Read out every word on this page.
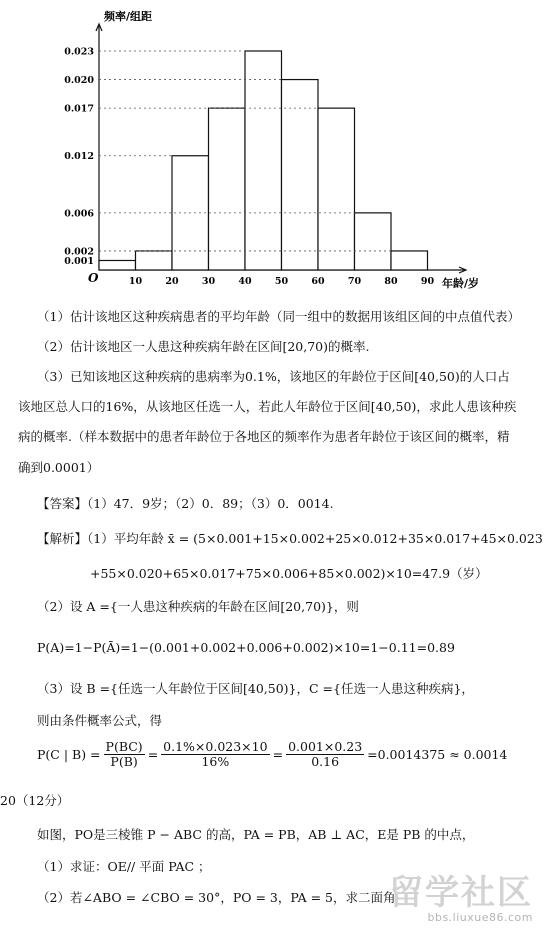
0.001
0.002
0.006
0.012
0.017
0.020
0.023
10 20 30 40 50 60 70 80 90
频率/组距
年龄/岁
O
（1）估计该地区这种疾病患者的平均年龄（同一组中的数据用该组区间的中点值代表）
（2）估计该地区一人患这种疾病年龄在区间[20,70)的概率.
（3）已知该地区这种疾病的患病率为0.1%，该地区的年龄位于区间[40,50)的人口占
该地区总人口的16%，从该地区任选一人，若此人年龄位于区间[40,50)，求此人患该种疾
病的概率.（样本数据中的患者年龄位于各地区的频率作为患者年龄位于该区间的概率，精
确到0.0001）
【答案】（1）47．9岁；（2）0．89；（3）0．0014.
【解析】（1）平均年龄 x̄ = (5×0.001+15×0.002+25×0.012+35×0.017+45×0.023
+55×0.020+65×0.017+75×0.006+85×0.002)×10=47.9（岁）
（2）设 A ={一人患这种疾病的年龄在区间[20,70)}，则
P(A)=1−P(Ā)=1−(0.001+0.002+0.006+0.002)×10=1−0.11=0.89
（3）设 B ={任选一人年龄位于区间[40,50)}，C ={任选一人患这种疾病}，
则由条件概率公式，得
P(C | $B) = \frac{P(BC)}{P(B)} = \frac{0.1\%\times 0.023\times 10}{16\%} = \frac{0.001\times 0.23}{0.16} =0.0014375 \approx 0.0014$
20（12分）
如图，PO是三棱锥 P − ABC 的高，PA = PB，AB ⊥ AC，E是 PB 的中点，
（1）求证：OE// 平面 PAC ；
（2）若∠ABO = ∠CBO = 30°，PO = 3，PA = 5，求二面角
留学社区
bbs.liuxue86.com
